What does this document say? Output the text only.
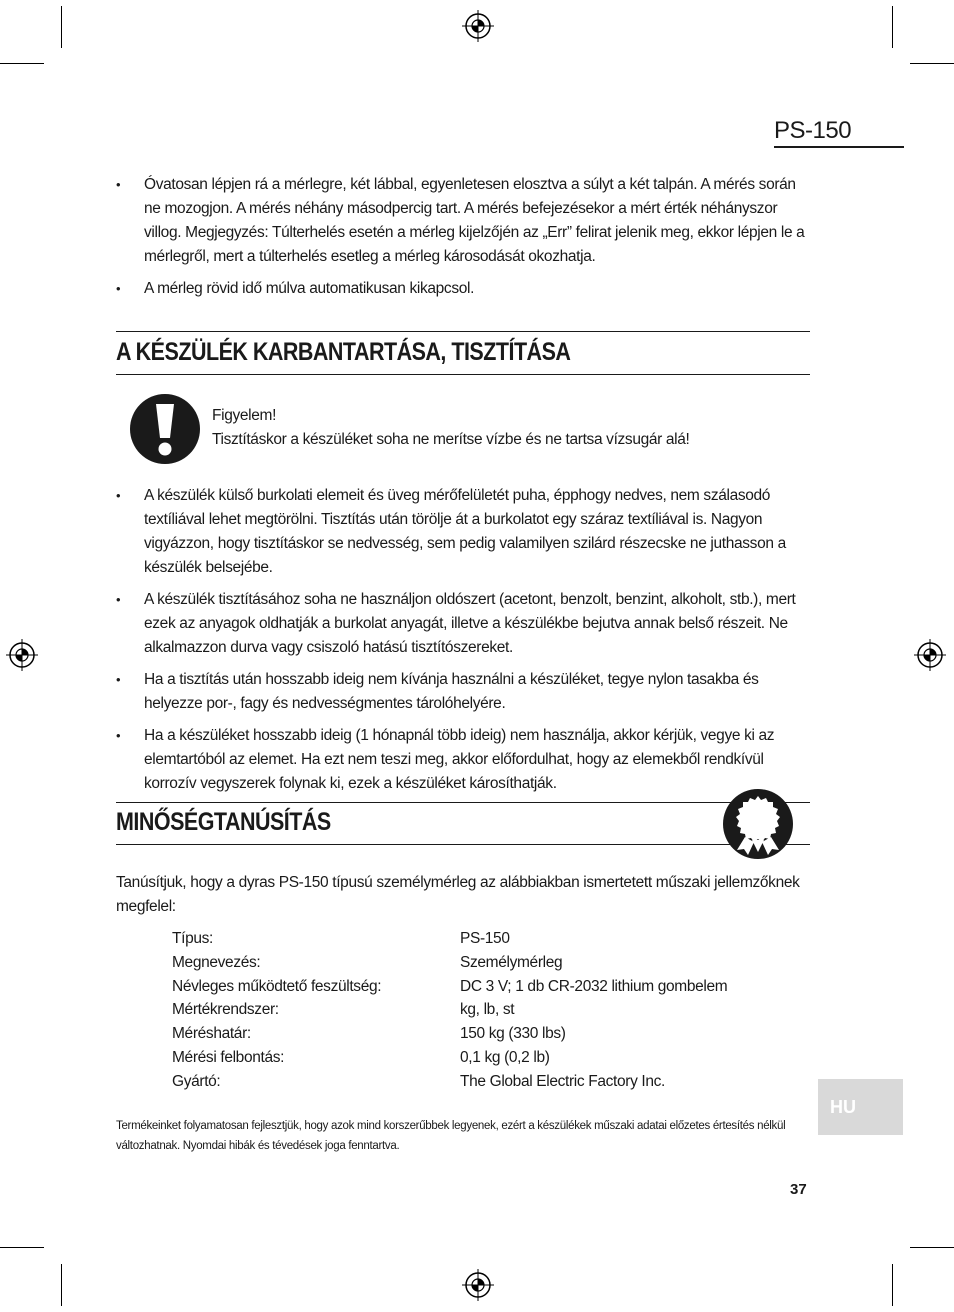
PS-150
• Óvatosan lépjen rá a mérlegre, két lábbal, egyenletesen elosztva a súlyt a két talpán. A mérés során ne mozogjon. A mérés néhány másodpercig tart. A mérés befejezésekor a mért érték néhányszor villog. Megjegyzés: Túlterhelés esetén a mérleg kijelzőjén az „Err” felirat jelenik meg, ekkor lépjen le a mérlegről, mert a túlterhelés esetleg a mérleg károsodását okozhatja.
• A mérleg rövid idő múlva automatikusan kikapcsol.
A KÉSZÜLÉK KARBANTARTÁSA, TISZTÍTÁSA
Figyelem!
Tisztításkor a készüléket soha ne merítse vízbe és ne tartsa vízsugár alá!
• A készülék külső burkolati elemeit és üveg mérőfelületét puha, épphogy nedves, nem szálasodó textíliával lehet megtörölni. Tisztítás után törölje át a burkolatot egy száraz textíliával is. Nagyon vigyázzon, hogy tisztításkor se nedvesség, sem pedig valamilyen szilárd részecske ne juthasson a készülék belsejébe.
• A készülék tisztításához soha ne használjon oldószert (acetont, benzolt, benzint, alkoholt, stb.), mert ezek az anyagok oldhatják a burkolat anyagát, illetve a készülékbe bejutva annak belső részeit. Ne alkalmazzon durva vagy csiszoló hatású tisztítószereket.
• Ha a tisztítás után hosszabb ideig nem kívánja használni a készüléket, tegye nylon tasakba és helyezze por-, fagy és nedvességmentes tárolóhelyére.
• Ha a készüléket hosszabb ideig (1 hónapnál több ideig) nem használja, akkor kérjük, vegye ki az elemtartóból az elemet. Ha ezt nem teszi meg, akkor előfordulhat, hogy az elemekből rendkívül korrozív vegyszerek folynak ki, ezek a készüléket károsíthatják.
MINŐSÉGTANÚSÍTÁS
Tanúsítjuk, hogy a dyras PS-150 típusú személymérleg az alábbiakban ismertetett műszaki jellemzőknek megfelel:
Típus:	PS-150
Megnevezés:	Személymérleg
Névleges működtető feszültség:	DC 3 V; 1 db CR-2032 lithium gombelem
Mértékrendszer:	kg, lb, st
Méréshatár:	150 kg (330 lbs)
Mérési felbontás:	0,1 kg (0,2 lb)
Gyártó:	The Global Electric Factory Inc.
HU
Termékeinket folyamatosan fejlesztjük, hogy azok mind korszerűbbek legyenek, ezért a készülékek műszaki adatai előzetes értesítés nélkül változhatnak. Nyomdai hibák és tévedések joga fenntartva.
37
